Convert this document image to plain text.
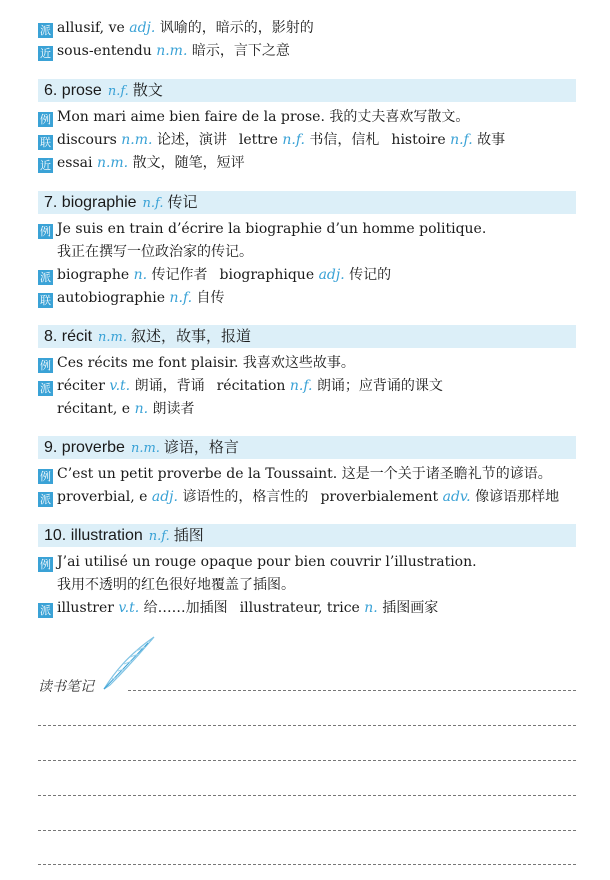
派 allusif, ve adj. 讽喻的，暗示的，影射的
近 sous-entendu n.m. 暗示，言下之意
6. prose n.f. 散文
例 Mon mari aime bien faire de la prose. 我的丈夫喜欢写散文。
联 discours n.m. 论述，演讲 lettre n.f. 书信，信札 histoire n.f. 故事
近 essai n.m. 散文，随笔，短评
7. biographie n.f. 传记
例 Je suis en train d’écrire la biographie d’un homme politique.
我正在撰写一位政治家的传记。
派 biographe n. 传记作者 biographique adj. 传记的
联 autobiographie n.f. 自传
8. récit n.m. 叙述，故事，报道
例 Ces récits me font plaisir. 我喜欢这些故事。
派 réciter v.t. 朗诵，背诵 récitation n.f. 朗诵；应背诵的课文
récitant, e n. 朗读者
9. proverbe n.m. 谚语，格言
例 C’est un petit proverbe de la Toussaint. 这是一个关于诸圣瞻礼节的谚语。
派 proverbial, e adj. 谚语性的，格言性的 proverbialement adv. 像谚语那样地
10. illustration n.f. 插图
例 J’ai utilisé un rouge opaque pour bien couvrir l’illustration.
我用不透明的红色很好地覆盖了插图。
派 illustrer v.t. 给……加插图 illustrateur, trice n. 插图画家
读书笔记
